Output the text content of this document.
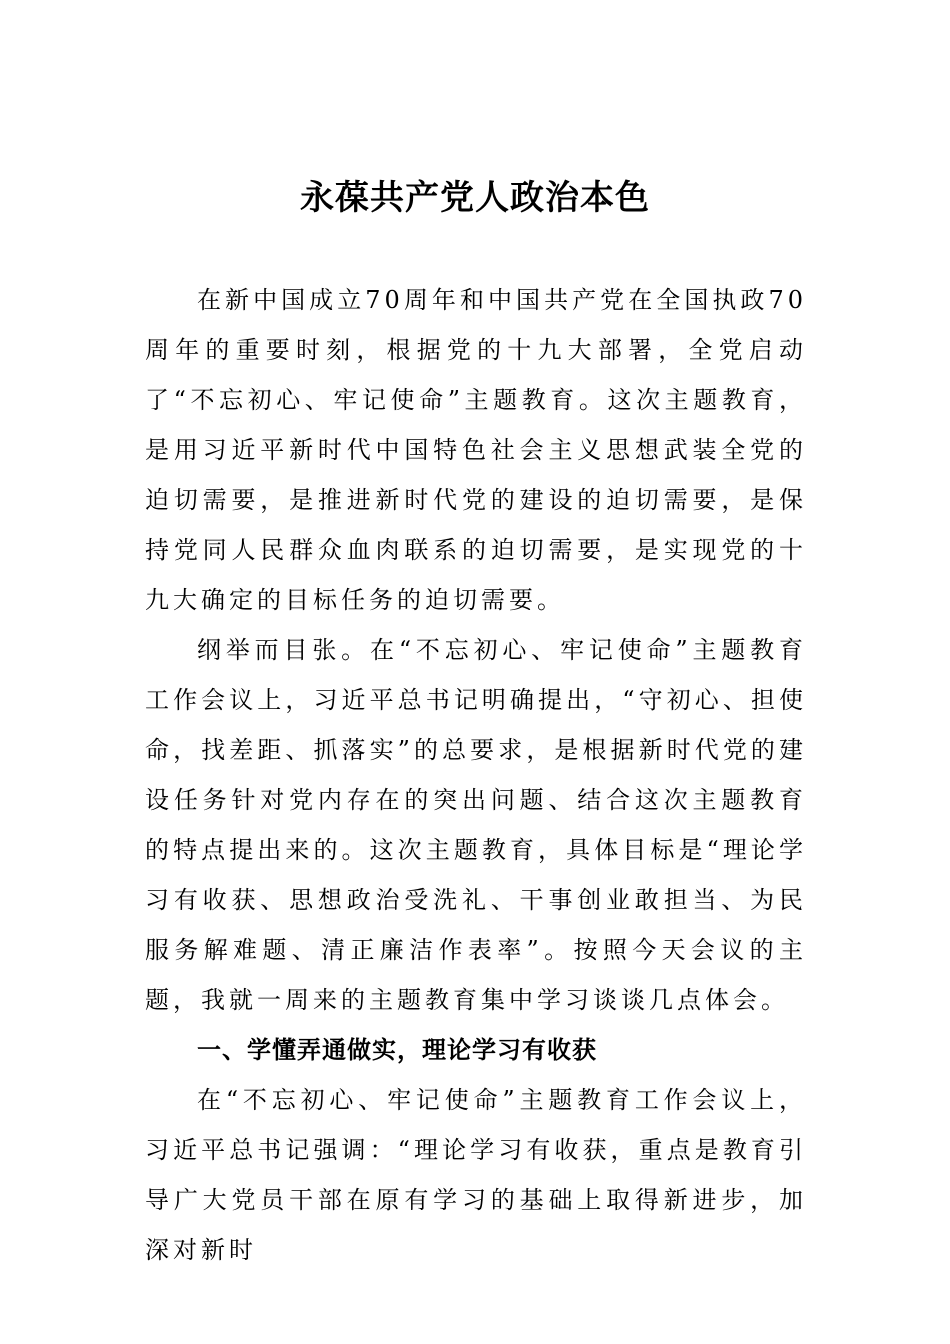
永葆共产党人政治本色

在新中国成立70周年和中国共产党在全国执政70周年的重要时刻，根据党的十九大部署，全党启动了“不忘初心、牢记使命”主题教育。这次主题教育，是用习近平新时代中国特色社会主义思想武装全党的迫切需要，是推进新时代党的建设的迫切需要，是保持党同人民群众血肉联系的迫切需要，是实现党的十九大确定的目标任务的迫切需要。

纲举而目张。在“不忘初心、牢记使命”主题教育工作会议上，习近平总书记明确提出，“守初心、担使命，找差距、抓落实”的总要求，是根据新时代党的建设任务针对党内存在的突出问题、结合这次主题教育的特点提出来的。这次主题教育，具体目标是“理论学习有收获、思想政治受洗礼、干事创业敢担当、为民服务解难题、清正廉洁作表率”。按照今天会议的主题，我就一周来的主题教育集中学习谈谈几点体会。

一、学懂弄通做实，理论学习有收获

在“不忘初心、牢记使命”主题教育工作会议上，习近平总书记强调：“理论学习有收获，重点是教育引导广大党员干部在原有学习的基础上取得新进步，加深对新时
